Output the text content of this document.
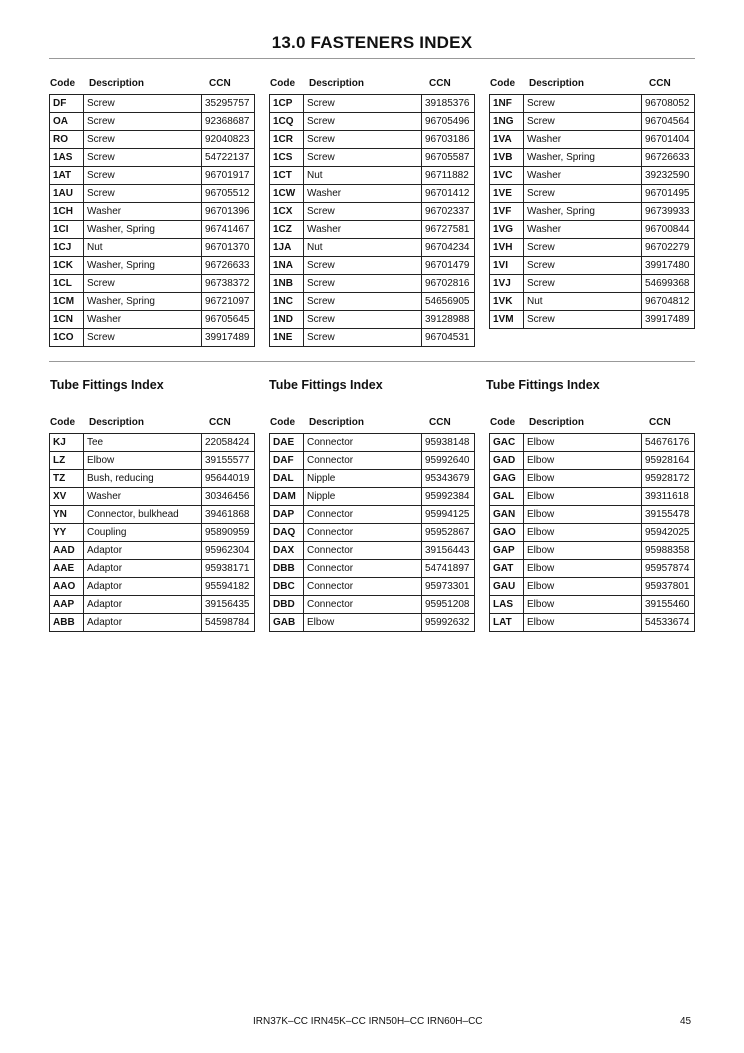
13.0 FASTENERS INDEX
Code Description	CCN
DF	Screw	35295757
OA	Screw	92368687
RO	Screw	92040823
1AS	Screw	54722137
1AT	Screw	96701917
1AU	Screw	96705512
1CH	Washer	96701396
1CI	Washer, Spring	96741467
1CJ	Nut	96701370
1CK	Washer, Spring	96726633
1CL	Screw	96738372
1CM	Washer, Spring	96721097
1CN	Washer	96705645
1CO	Screw	39917489
Code Description	CCN
1CP	Screw	39185376
1CQ	Screw	96705496
1CR	Screw	96703186
1CS	Screw	96705587
1CT	Nut	96711882
1CW	Washer	96701412
1CX	Screw	96702337
1CZ	Washer	96727581
1JA	Nut	96704234
1NA	Screw	96701479
1NB	Screw	96702816
1NC	Screw	54656905
1ND	Screw	39128988
1NE	Screw	96704531
Code Description	CCN
1NF	Screw	96708052
1NG	Screw	96704564
1VA	Washer	96701404
1VB	Washer, Spring	96726633
1VC	Washer	39232590
1VE	Screw	96701495
1VF	Washer, Spring	96739933
1VG	Washer	96700844
1VH	Screw	96702279
1VI	Screw	39917480
1VJ	Screw	54699368
1VK	Nut	96704812
1VM	Screw	39917489
Tube Fittings Index	Tube Fittings Index	Tube Fittings Index
Code Description	CCN
KJ	Tee	22058424
LZ	Elbow	39155577
TZ	Bush, reducing	95644019
XV	Washer	30346456
YN	Connector, bulkhead	39461868
YY	Coupling	95890959
AAD	Adaptor	95962304
AAE	Adaptor	95938171
AAO	Adaptor	95594182
AAP	Adaptor	39156435
ABB	Adaptor	54598784
Code Description	CCN
DAE	Connector	95938148
DAF	Connector	95992640
DAL	Nipple	95343679
DAM	Nipple	95992384
DAP	Connector	95994125
DAQ	Connector	95952867
DAX	Connector	39156443
DBB	Connector	54741897
DBC	Connector	95973301
DBD	Connector	95951208
GAB	Elbow	95992632
Code Description	CCN
GAC	Elbow	54676176
GAD	Elbow	95928164
GAG	Elbow	95928172
GAL	Elbow	39311618
GAN	Elbow	39155478
GAO	Elbow	95942025
GAP	Elbow	95988358
GAT	Elbow	95957874
GAU	Elbow	95937801
LAS	Elbow	39155460
LAT	Elbow	54533674
IRN37K–CC IRN45K–CC IRN50H–CC IRN60H–CC	45
